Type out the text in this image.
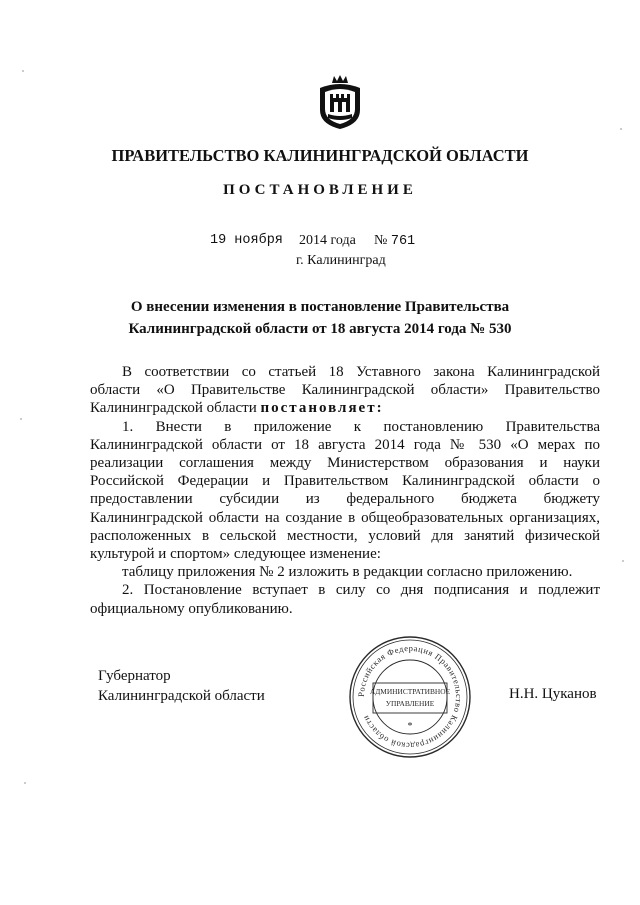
ПРАВИТЕЛЬСТВО КАЛИНИНГРАДСКОЙ ОБЛАСТИ
ПОСТАНОВЛЕНИЕ
19 ноября 2014 года № 761
г. Калининград
О внесении изменения в постановление Правительства
Калининградской области от 18 августа 2014 года № 530

В соответствии со статьей 18 Уставного закона Калининградской

области «О Правительстве Калининградской области» Правительство

Калининградской области постановляет:

1. Внести в приложение к постановлению Правительства

Калининградской области от 18 августа 2014 года № 530 «О мерах по

реализации соглашения между Министерством образования и науки

Российской Федерации и Правительством Калининградской области о

предоставлении субсидии из федерального бюджета бюджету

Калининградской области на создание в общеобразовательных организациях,

расположенных в сельской местности, условий для занятий физической

культурой и спортом» следующее изменение:

таблицу приложения № 2 изложить в редакции согласно приложению.

2. Постановление вступает в силу со дня подписания и подлежит

официальному опубликованию.

Губернатор
Калининградской области	Российская Федерация Правительство Калининградской области
АДМИНИСТРАТИВНОЕ
УПРАВЛЕНИЕ
*
Н.Н. Цуканов
